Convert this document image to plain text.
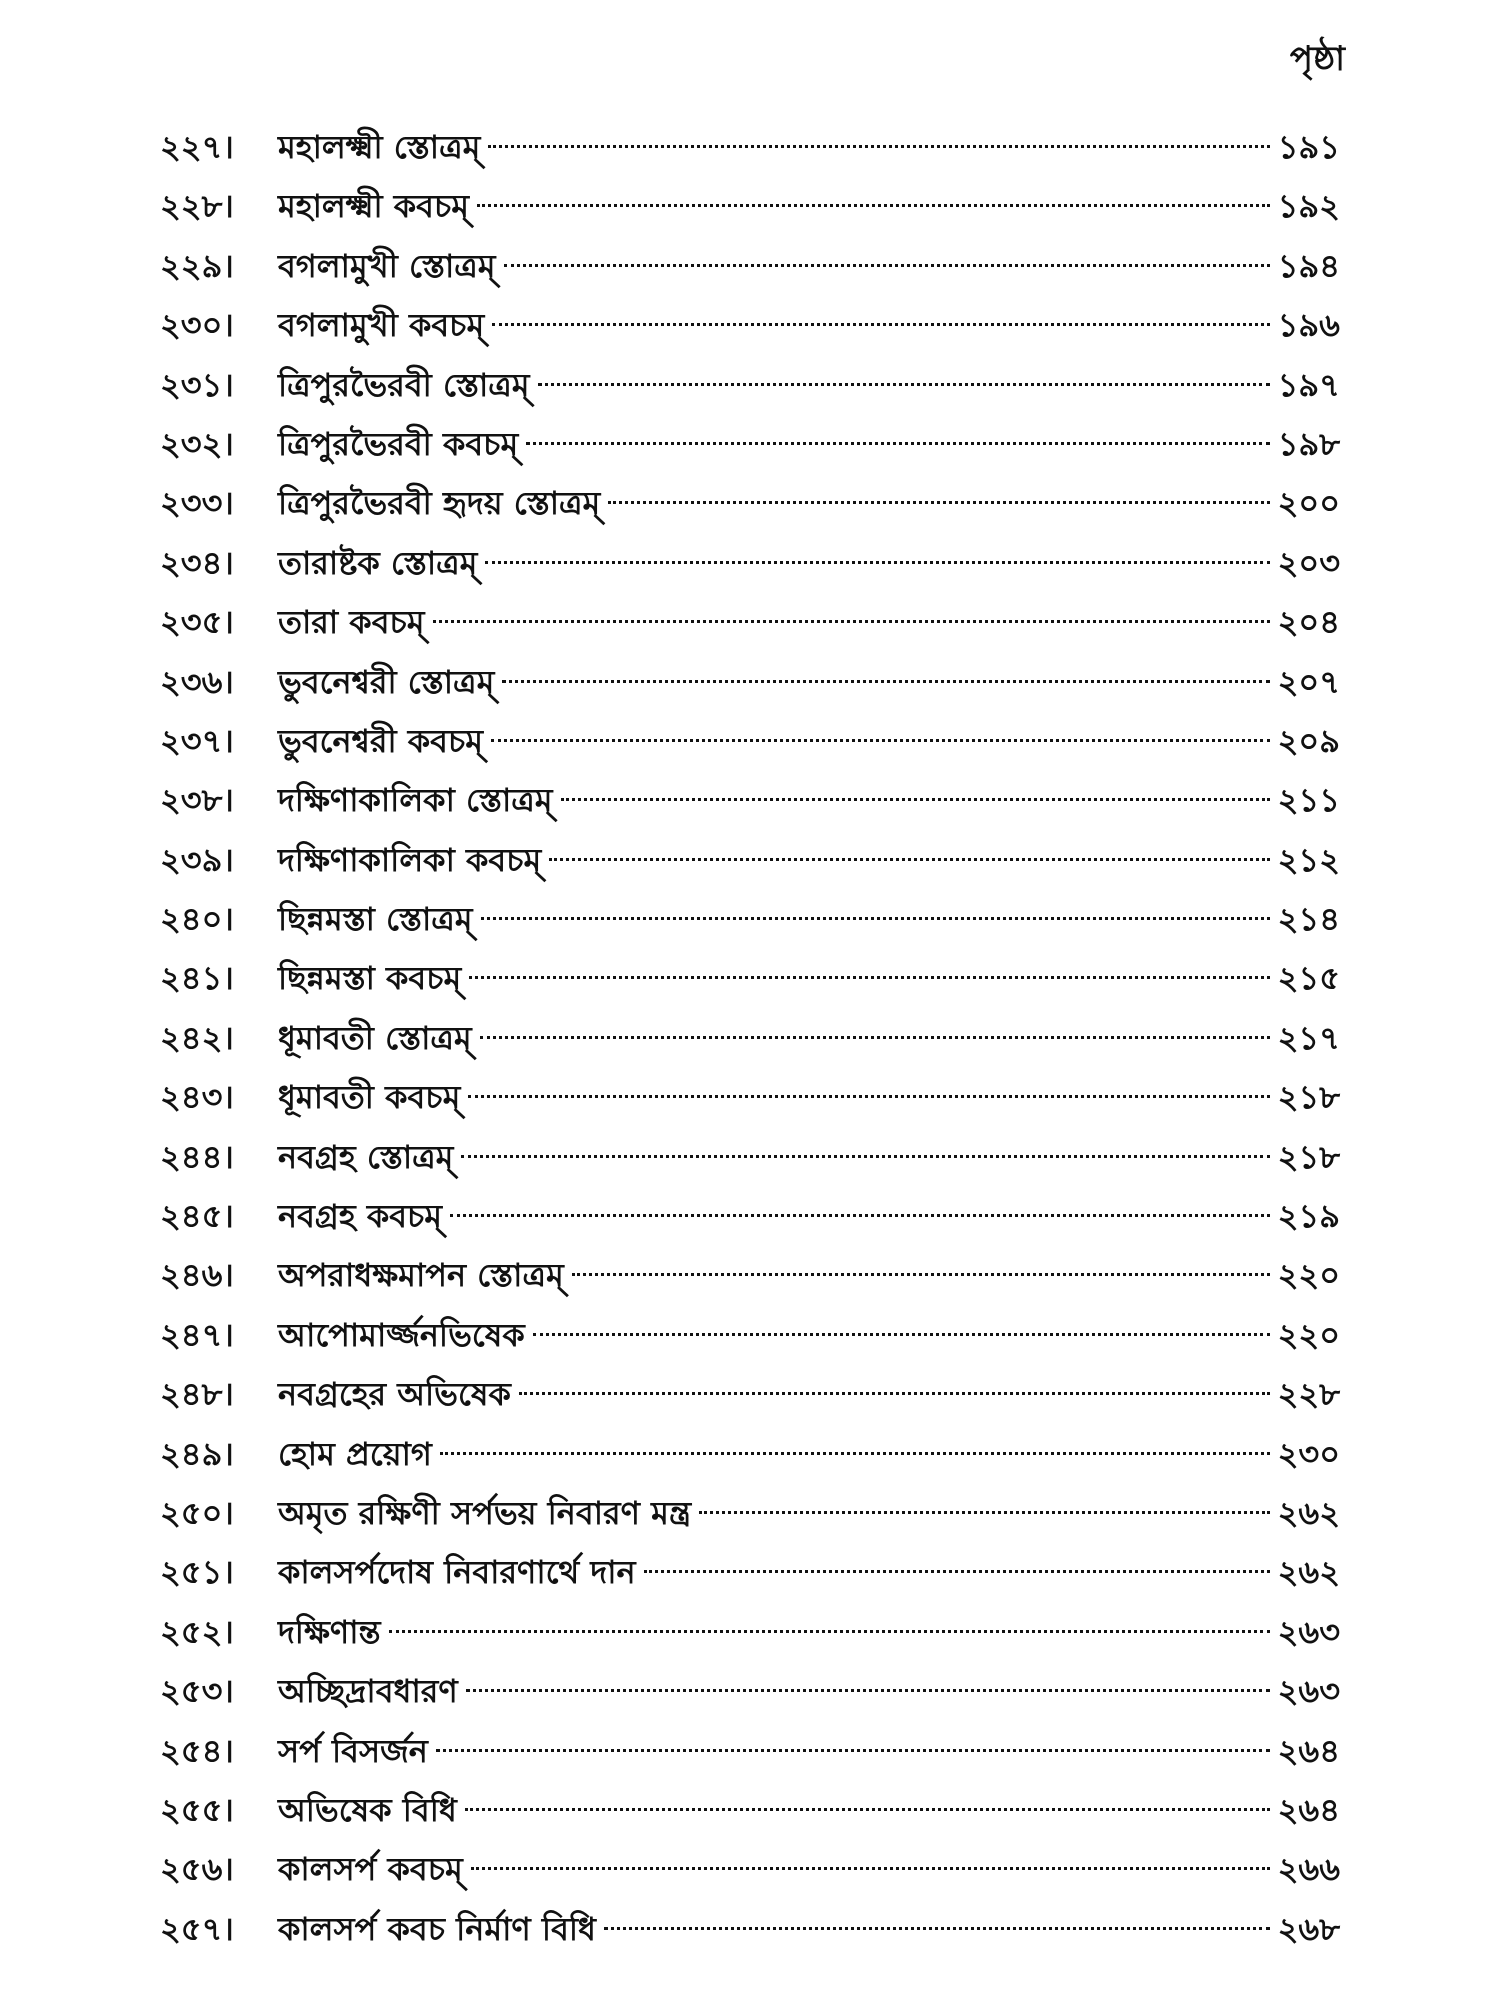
পৃষ্ঠা
২২৭।	মহালক্ষ্মী স্তোত্রম্	১৯১
২২৮।	মহালক্ষ্মী কবচম্	১৯২
২২৯।	বগলামুখী স্তোত্রম্	১৯৪
২৩০।	বগলামুখী কবচম্	১৯৬
২৩১।	ত্রিপুরভৈরবী স্তোত্রম্	১৯৭
২৩২।	ত্রিপুরভৈরবী কবচম্	১৯৮
২৩৩।	ত্রিপুরভৈরবী হৃদয় স্তোত্রম্	২০০
২৩৪।	তারাষ্টক স্তোত্রম্	২০৩
২৩৫।	তারা কবচম্	২০৪
২৩৬।	ভুবনেশ্বরী স্তোত্রম্	২০৭
২৩৭।	ভুবনেশ্বরী কবচম্	২০৯
২৩৮।	দক্ষিণাকালিকা স্তোত্রম্	২১১
২৩৯।	দক্ষিণাকালিকা কবচম্	২১২
২৪০।	ছিন্নমস্তা স্তোত্রম্	২১৪
২৪১।	ছিন্নমস্তা কবচম্	২১৫
২৪২।	ধূমাবতী স্তোত্রম্	২১৭
২৪৩।	ধূমাবতী কবচম্	২১৮
২৪৪।	নবগ্রহ স্তোত্রম্	২১৮
২৪৫।	নবগ্রহ কবচম্	২১৯
২৪৬।	অপরাধক্ষমাপন স্তোত্রম্	২২০
২৪৭।	আপোমার্জ্জনভিষেক	২২০
২৪৮।	নবগ্রহের অভিষেক	২২৮
২৪৯।	হোম প্রয়োগ	২৩০
২৫০।	অমৃত রক্ষিণী সর্পভয় নিবারণ মন্ত্র	২৬২
২৫১।	কালসর্পদোষ নিবারণার্থে দান	২৬২
২৫২।	দক্ষিণান্ত	২৬৩
২৫৩।	অচ্ছিদ্রাবধারণ	২৬৩
২৫৪।	সর্প বিসর্জন	২৬৪
২৫৫।	অভিষেক বিধি	২৬৪
২৫৬।	কালসর্প কবচম্	২৬৬
২৫৭।	কালসর্প কবচ নির্মাণ বিধি	২৬৮
